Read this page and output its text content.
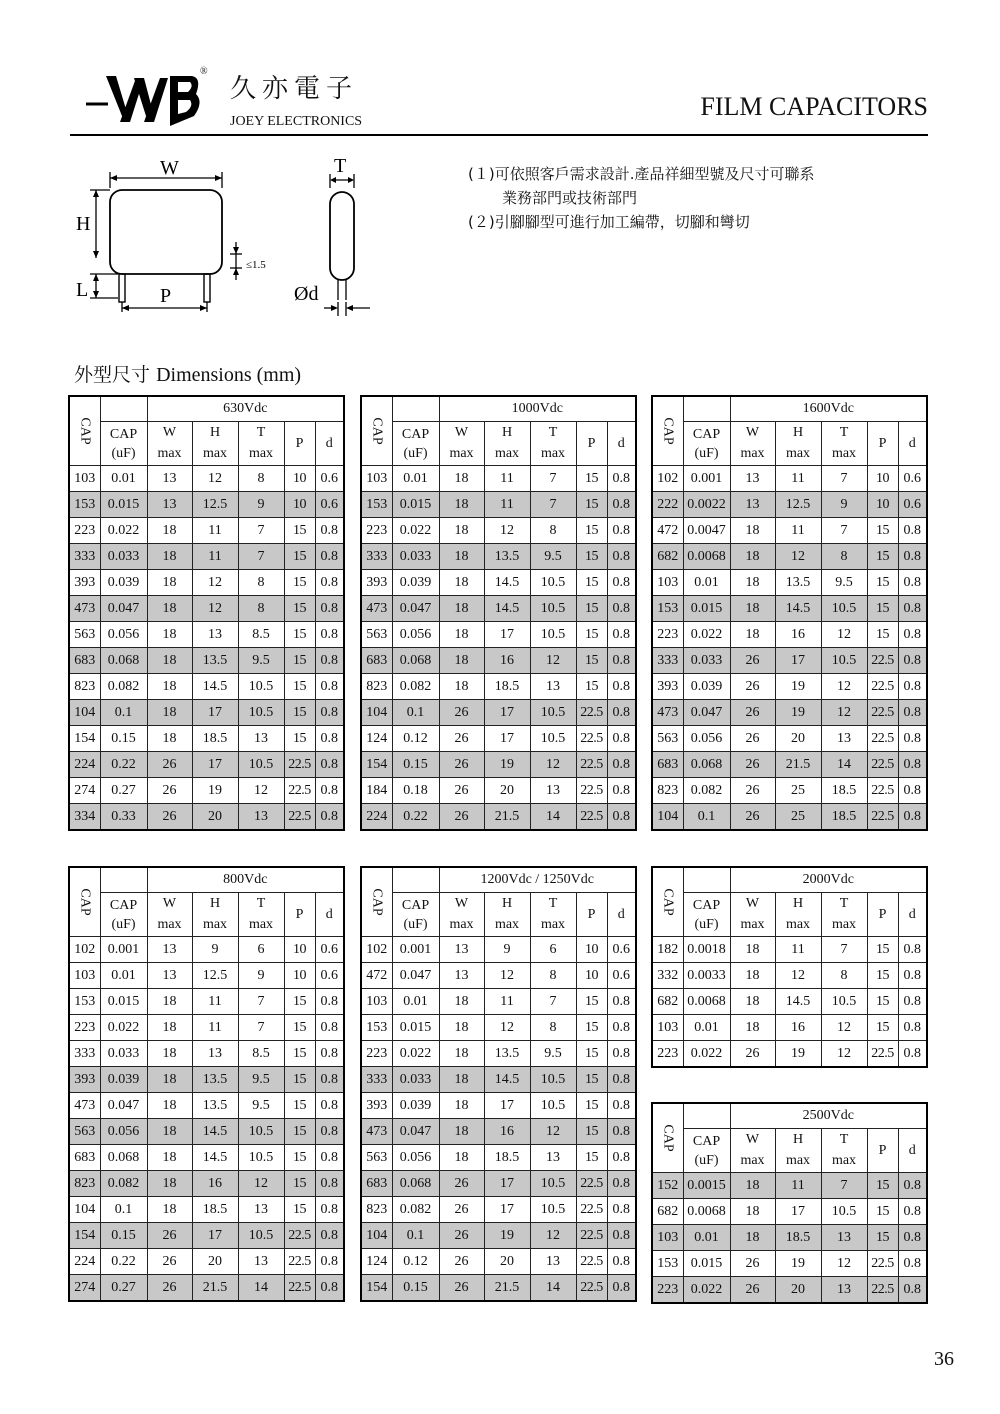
®
久亦電子
JOEY ELECTRONICS
FILM CAPACITORS
W
H
L	P
T
Ød
≤1.5
(１)可依照客戶需求設計.產品祥細型號及尺寸可聯系
業務部門或技術部門
(２)引腳腳型可進行加工編帶，切腳和彎切
外型尺寸 Dimensions (mm)
CAP		630Vdc				
	CAP	W	H	T	P	d
	(uF)	max	max	max		
103	0.01	13	12	8	10	0.6
153	0.015	13	12.5	9	10	0.6
223	0.022	18	11	7	15	0.8
333	0.033	18	11	7	15	0.8
393	0.039	18	12	8	15	0.8
473	0.047	18	12	8	15	0.8
563	0.056	18	13	8.5	15	0.8
683	0.068	18	13.5	9.5	15	0.8
823	0.082	18	14.5	10.5	15	0.8
104	0.1	18	17	10.5	15	0.8
154	0.15	18	18.5	13	15	0.8
224	0.22	26	17	10.5	22.5	0.8
274	0.27	26	19	12	22.5	0.8
334	0.33	26	20	13	22.5	0.8
CAP		1000Vdc				
	CAP	W	H	T	P	d
	(uF)	max	max	max		
103	0.01	18	11	7	15	0.8
153	0.015	18	11	7	15	0.8
223	0.022	18	12	8	15	0.8
333	0.033	18	13.5	9.5	15	0.8
393	0.039	18	14.5	10.5	15	0.8
473	0.047	18	14.5	10.5	15	0.8
563	0.056	18	17	10.5	15	0.8
683	0.068	18	16	12	15	0.8
823	0.082	18	18.5	13	15	0.8
104	0.1	26	17	10.5	22.5	0.8
124	0.12	26	17	10.5	22.5	0.8
154	0.15	26	19	12	22.5	0.8
184	0.18	26	20	13	22.5	0.8
224	0.22	26	21.5	14	22.5	0.8
CAP		1600Vdc				
	CAP	W	H	T	P	d
	(uF)	max	max	max		
102	0.001	13	11	7	10	0.6
222	0.0022	13	12.5	9	10	0.6
472	0.0047	18	11	7	15	0.8
682	0.0068	18	12	8	15	0.8
103	0.01	18	13.5	9.5	15	0.8
153	0.015	18	14.5	10.5	15	0.8
223	0.022	18	16	12	15	0.8
333	0.033	26	17	10.5	22.5	0.8
393	0.039	26	19	12	22.5	0.8
473	0.047	26	19	12	22.5	0.8
563	0.056	26	20	13	22.5	0.8
683	0.068	26	21.5	14	22.5	0.8
823	0.082	26	25	18.5	22.5	0.8
104	0.1	26	25	18.5	22.5	0.8
CAP		800Vdc				
	CAP	W	H	T	P	d
	(uF)	max	max	max		
102	0.001	13	9	6	10	0.6
103	0.01	13	12.5	9	10	0.6
153	0.015	18	11	7	15	0.8
223	0.022	18	11	7	15	0.8
333	0.033	18	13	8.5	15	0.8
393	0.039	18	13.5	9.5	15	0.8
473	0.047	18	13.5	9.5	15	0.8
563	0.056	18	14.5	10.5	15	0.8
683	0.068	18	14.5	10.5	15	0.8
823	0.082	18	16	12	15	0.8
104	0.1	18	18.5	13	15	0.8
154	0.15	26	17	10.5	22.5	0.8
224	0.22	26	20	13	22.5	0.8
274	0.27	26	21.5	14	22.5	0.8
CAP		1200Vdc / 1250Vdc				
	CAP	W	H	T	P	d
	(uF)	max	max	max		
102	0.001	13	9	6	10	0.6
472	0.047	13	12	8	10	0.6
103	0.01	18	11	7	15	0.8
153	0.015	18	12	8	15	0.8
223	0.022	18	13.5	9.5	15	0.8
333	0.033	18	14.5	10.5	15	0.8
393	0.039	18	17	10.5	15	0.8
473	0.047	18	16	12	15	0.8
563	0.056	18	18.5	13	15	0.8
683	0.068	26	17	10.5	22.5	0.8
823	0.082	26	17	10.5	22.5	0.8
104	0.1	26	19	12	22.5	0.8
124	0.12	26	20	13	22.5	0.8
154	0.15	26	21.5	14	22.5	0.8
CAP		2000Vdc				
	CAP	W	H	T	P	d
	(uF)	max	max	max		
182	0.0018	18	11	7	15	0.8
332	0.0033	18	12	8	15	0.8
682	0.0068	18	14.5	10.5	15	0.8
103	0.01	18	16	12	15	0.8
223	0.022	26	19	12	22.5	0.8
CAP		2500Vdc				
	CAP	W	H	T	P	d
	(uF)	max	max	max		
152	0.0015	18	11	7	15	0.8
682	0.0068	18	17	10.5	15	0.8
103	0.01	18	18.5	13	15	0.8
153	0.015	26	19	12	22.5	0.8
223	0.022	26	20	13	22.5	0.8
36
